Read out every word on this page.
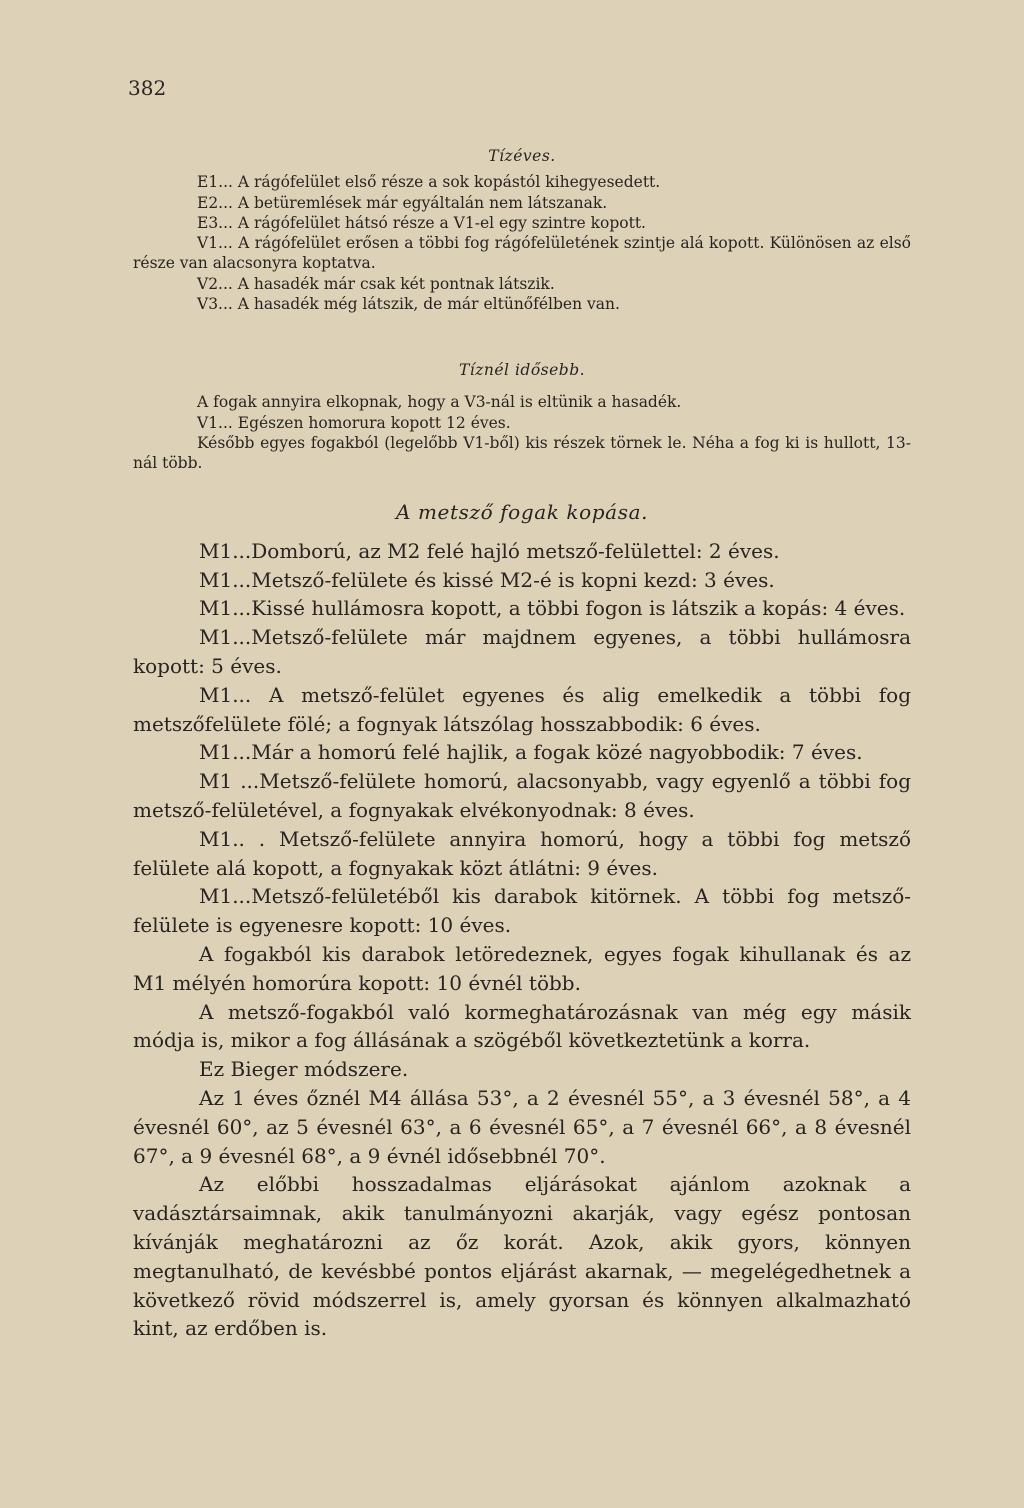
382

Tízéves.

E1... A rágófelület első része a sok kopástól kihegyesedett.

E2... A betüremlések már egyáltalán nem látszanak.

E3... A rágófelület hátsó része a V1-el egy szintre kopott.

V1... A rágófelület erősen a többi fog rágófelületének szintje alá kopott. Különösen az első része van alacsonyra koptatva.

V2... A hasadék már csak két pontnak látszik.

V3... A hasadék még látszik, de már eltünőfélben van.

Tíznél idősebb.

A fogak annyira elkopnak, hogy a V3-nál is eltünik a hasadék.

V1... Egészen homorura kopott 12 éves.

Később egyes fogakból (legelőbb V1-ből) kis részek törnek le. Néha a fog ki is hullott, 13-nál több.

A metsző fogak kopása.

M1...Domború, az M2 felé hajló metsző-felülettel: 2 éves.

M1...Metsző-felülete és kissé M2-é is kopni kezd: 3 éves.

M1...Kissé hullámosra kopott, a többi fogon is látszik a kopás: 4 éves.

M1...Metsző-felülete már majdnem egyenes, a többi hullámosra kopott: 5 éves.

M1... A metsző-felület egyenes és alig emelkedik a többi fog metszőfelülete fölé; a fognyak látszólag hosszabbodik: 6 éves.

M1...Már a homorú felé hajlik, a fogak közé nagyobbodik: 7 éves.

M1 ...Metsző-felülete homorú, alacsonyabb, vagy egyenlő a többi fog metsző-felületével, a fognyakak elvékonyodnak: 8 éves.

M1.. . Metsző-felülete annyira homorú, hogy a többi fog metsző felülete alá kopott, a fognyakak közt átlátni: 9 éves.

M1...Metsző-felületéből kis darabok kitörnek. A többi fog metsző-felülete is egyenesre kopott: 10 éves.

A fogakból kis darabok letöredeznek, egyes fogak kihullanak és az M1 mélyén homorúra kopott: 10 évnél több.

A metsző-fogakból való kormeghatározásnak van még egy másik módja is, mikor a fog állásának a szögéből következtetünk a korra.

Ez Bieger módszere.

Az 1 éves őznél M4 állása 53°, a 2 évesnél 55°, a 3 évesnél 58°, a 4 évesnél 60°, az 5 évesnél 63°, a 6 évesnél 65°, a 7 évesnél 66°, a 8 évesnél 67°, a 9 évesnél 68°, a 9 évnél idősebbnél 70°.

Az előbbi hosszadalmas eljárásokat ajánlom azoknak a vadásztársaimnak, akik tanulmányozni akarják, vagy egész pontosan kívánják meghatározni az őz korát. Azok, akik gyors, könnyen megtanulható, de kevésbbé pontos eljárást akarnak, — megelégedhetnek a következő rövid módszerrel is, amely gyorsan és könnyen alkalmazható kint, az erdőben is.
